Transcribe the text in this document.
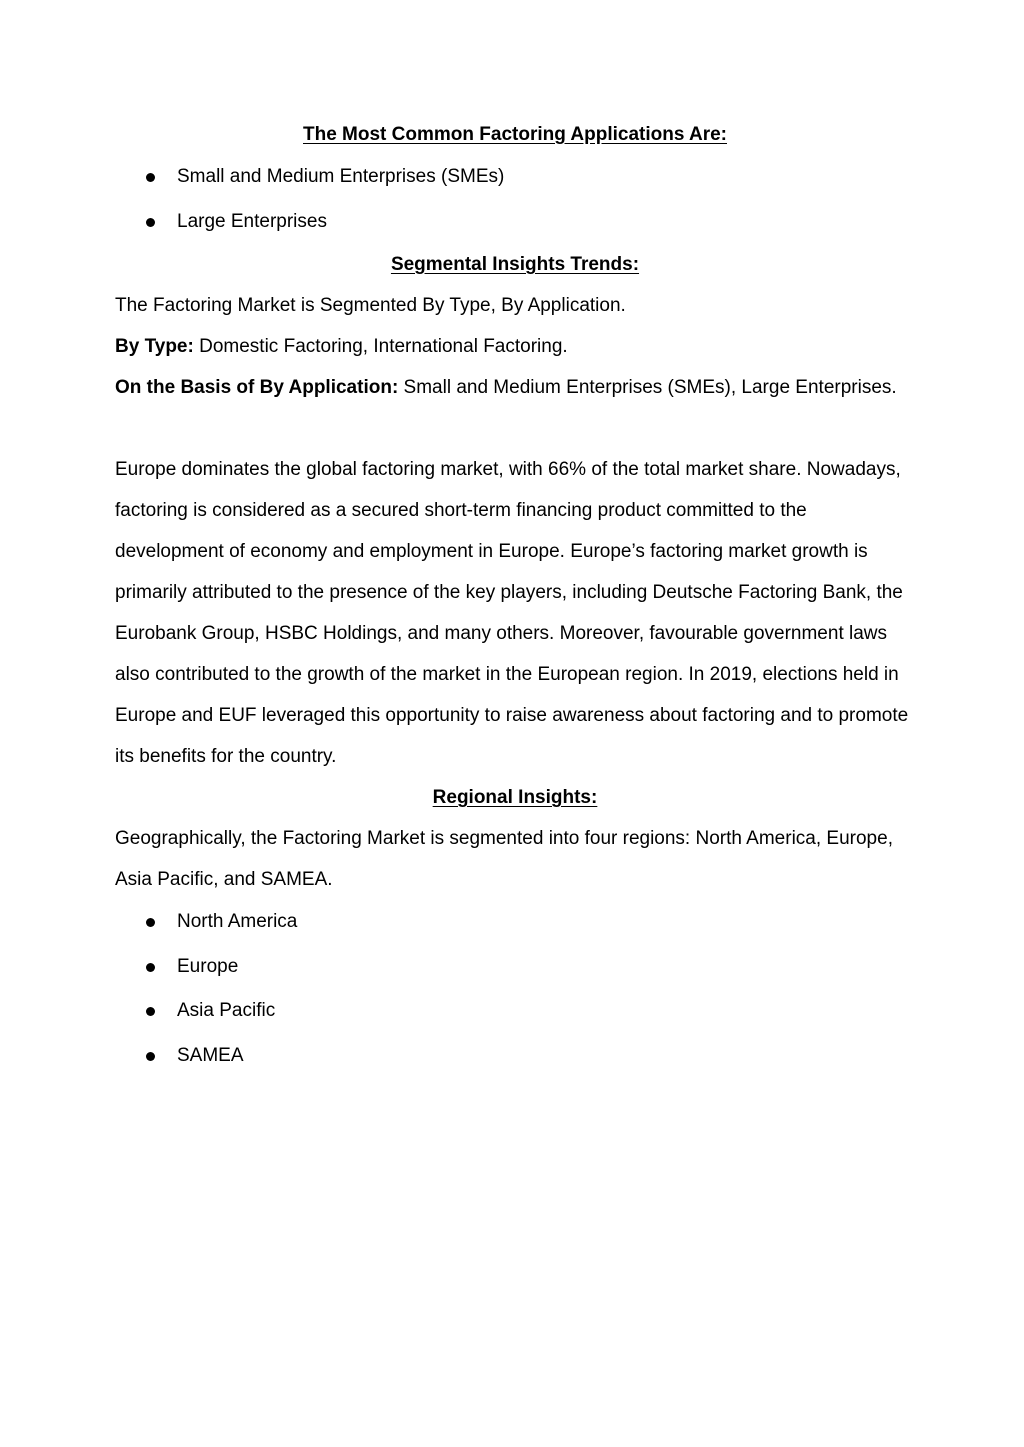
The Most Common Factoring Applications Are:
Small and Medium Enterprises (SMEs)
Large Enterprises
Segmental Insights Trends:

The Factoring Market is Segmented By Type, By Application.

By Type: Domestic Factoring, International Factoring.

On the Basis of By Application: Small and Medium Enterprises (SMEs), Large Enterprises.

Europe dominates the global factoring market, with 66% of the total market share. Nowadays, factoring is considered as a secured short-term financing product committed to the development of economy and employment in Europe. Europe’s factoring market growth is primarily attributed to the presence of the key players, including Deutsche Factoring Bank, the Eurobank Group, HSBC Holdings, and many others. Moreover, favourable government laws also contributed to the growth of the market in the European region. In 2019, elections held in Europe and EUF leveraged this opportunity to raise awareness about factoring and to promote its benefits for the country.

Regional Insights:

Geographically, the Factoring Market is segmented into four regions: North America, Europe, Asia Pacific, and SAMEA.

North America
Europe
Asia Pacific
SAMEA
